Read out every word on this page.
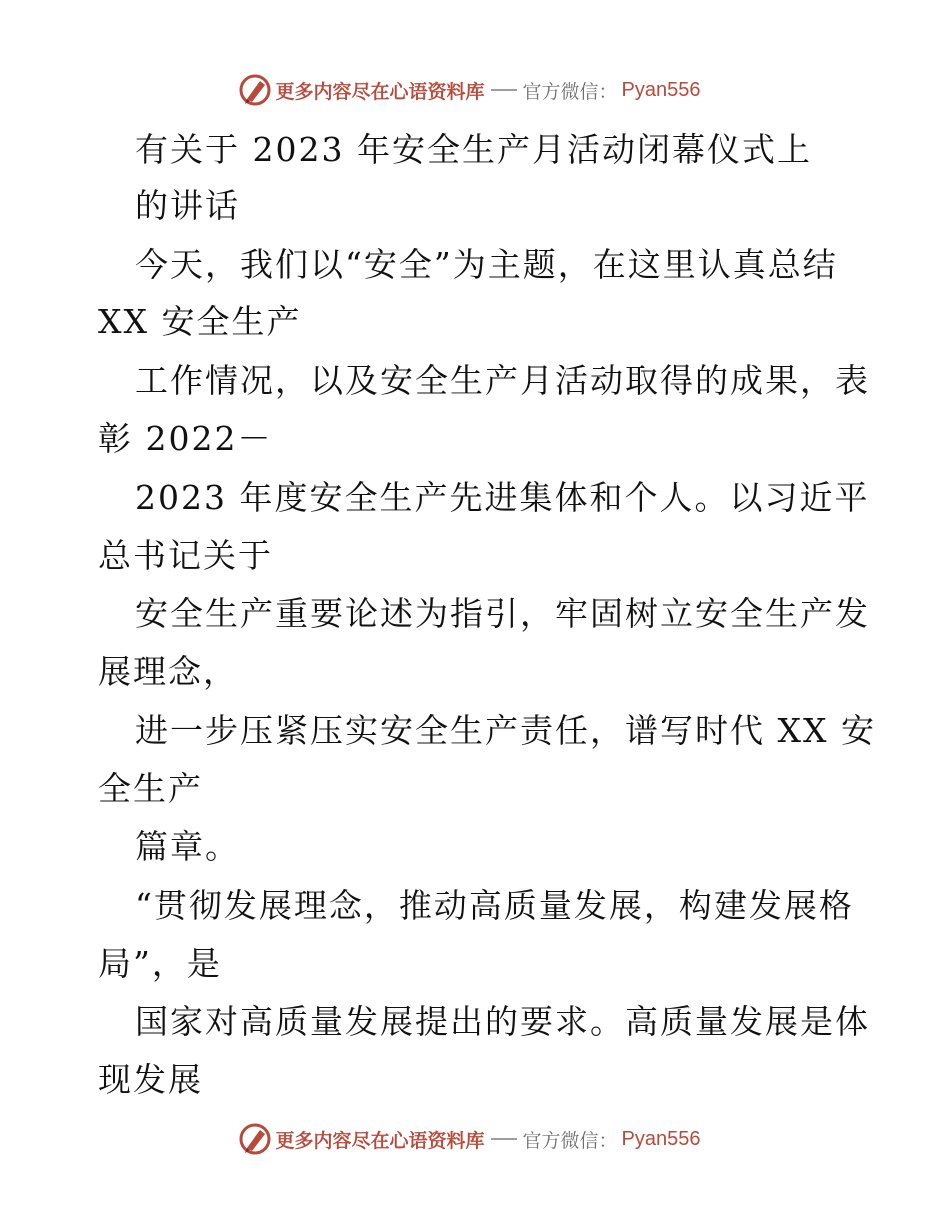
更多内容尽在心语资料库 官方微信： Pyan556
有关于 2023 年安全生产月活动闭幕仪式上
的讲话
今天，我们以“安全”为主题，在这里认真总结
XX 安全生产
工作情况，以及安全生产月活动取得的成果，表
彰 2022－
2023 年度安全生产先进集体和个人。以习近平
总书记关于
安全生产重要论述为指引，牢固树立安全生产发
展理念，
进一步压紧压实安全生产责任，谱写时代 XX 安
全生产
篇章。
“贯彻发展理念，推动高质量发展，构建发展格
局”，是
国家对高质量发展提出的要求。高质量发展是体
现发展
更多内容尽在心语资料库 官方微信： Pyan556
